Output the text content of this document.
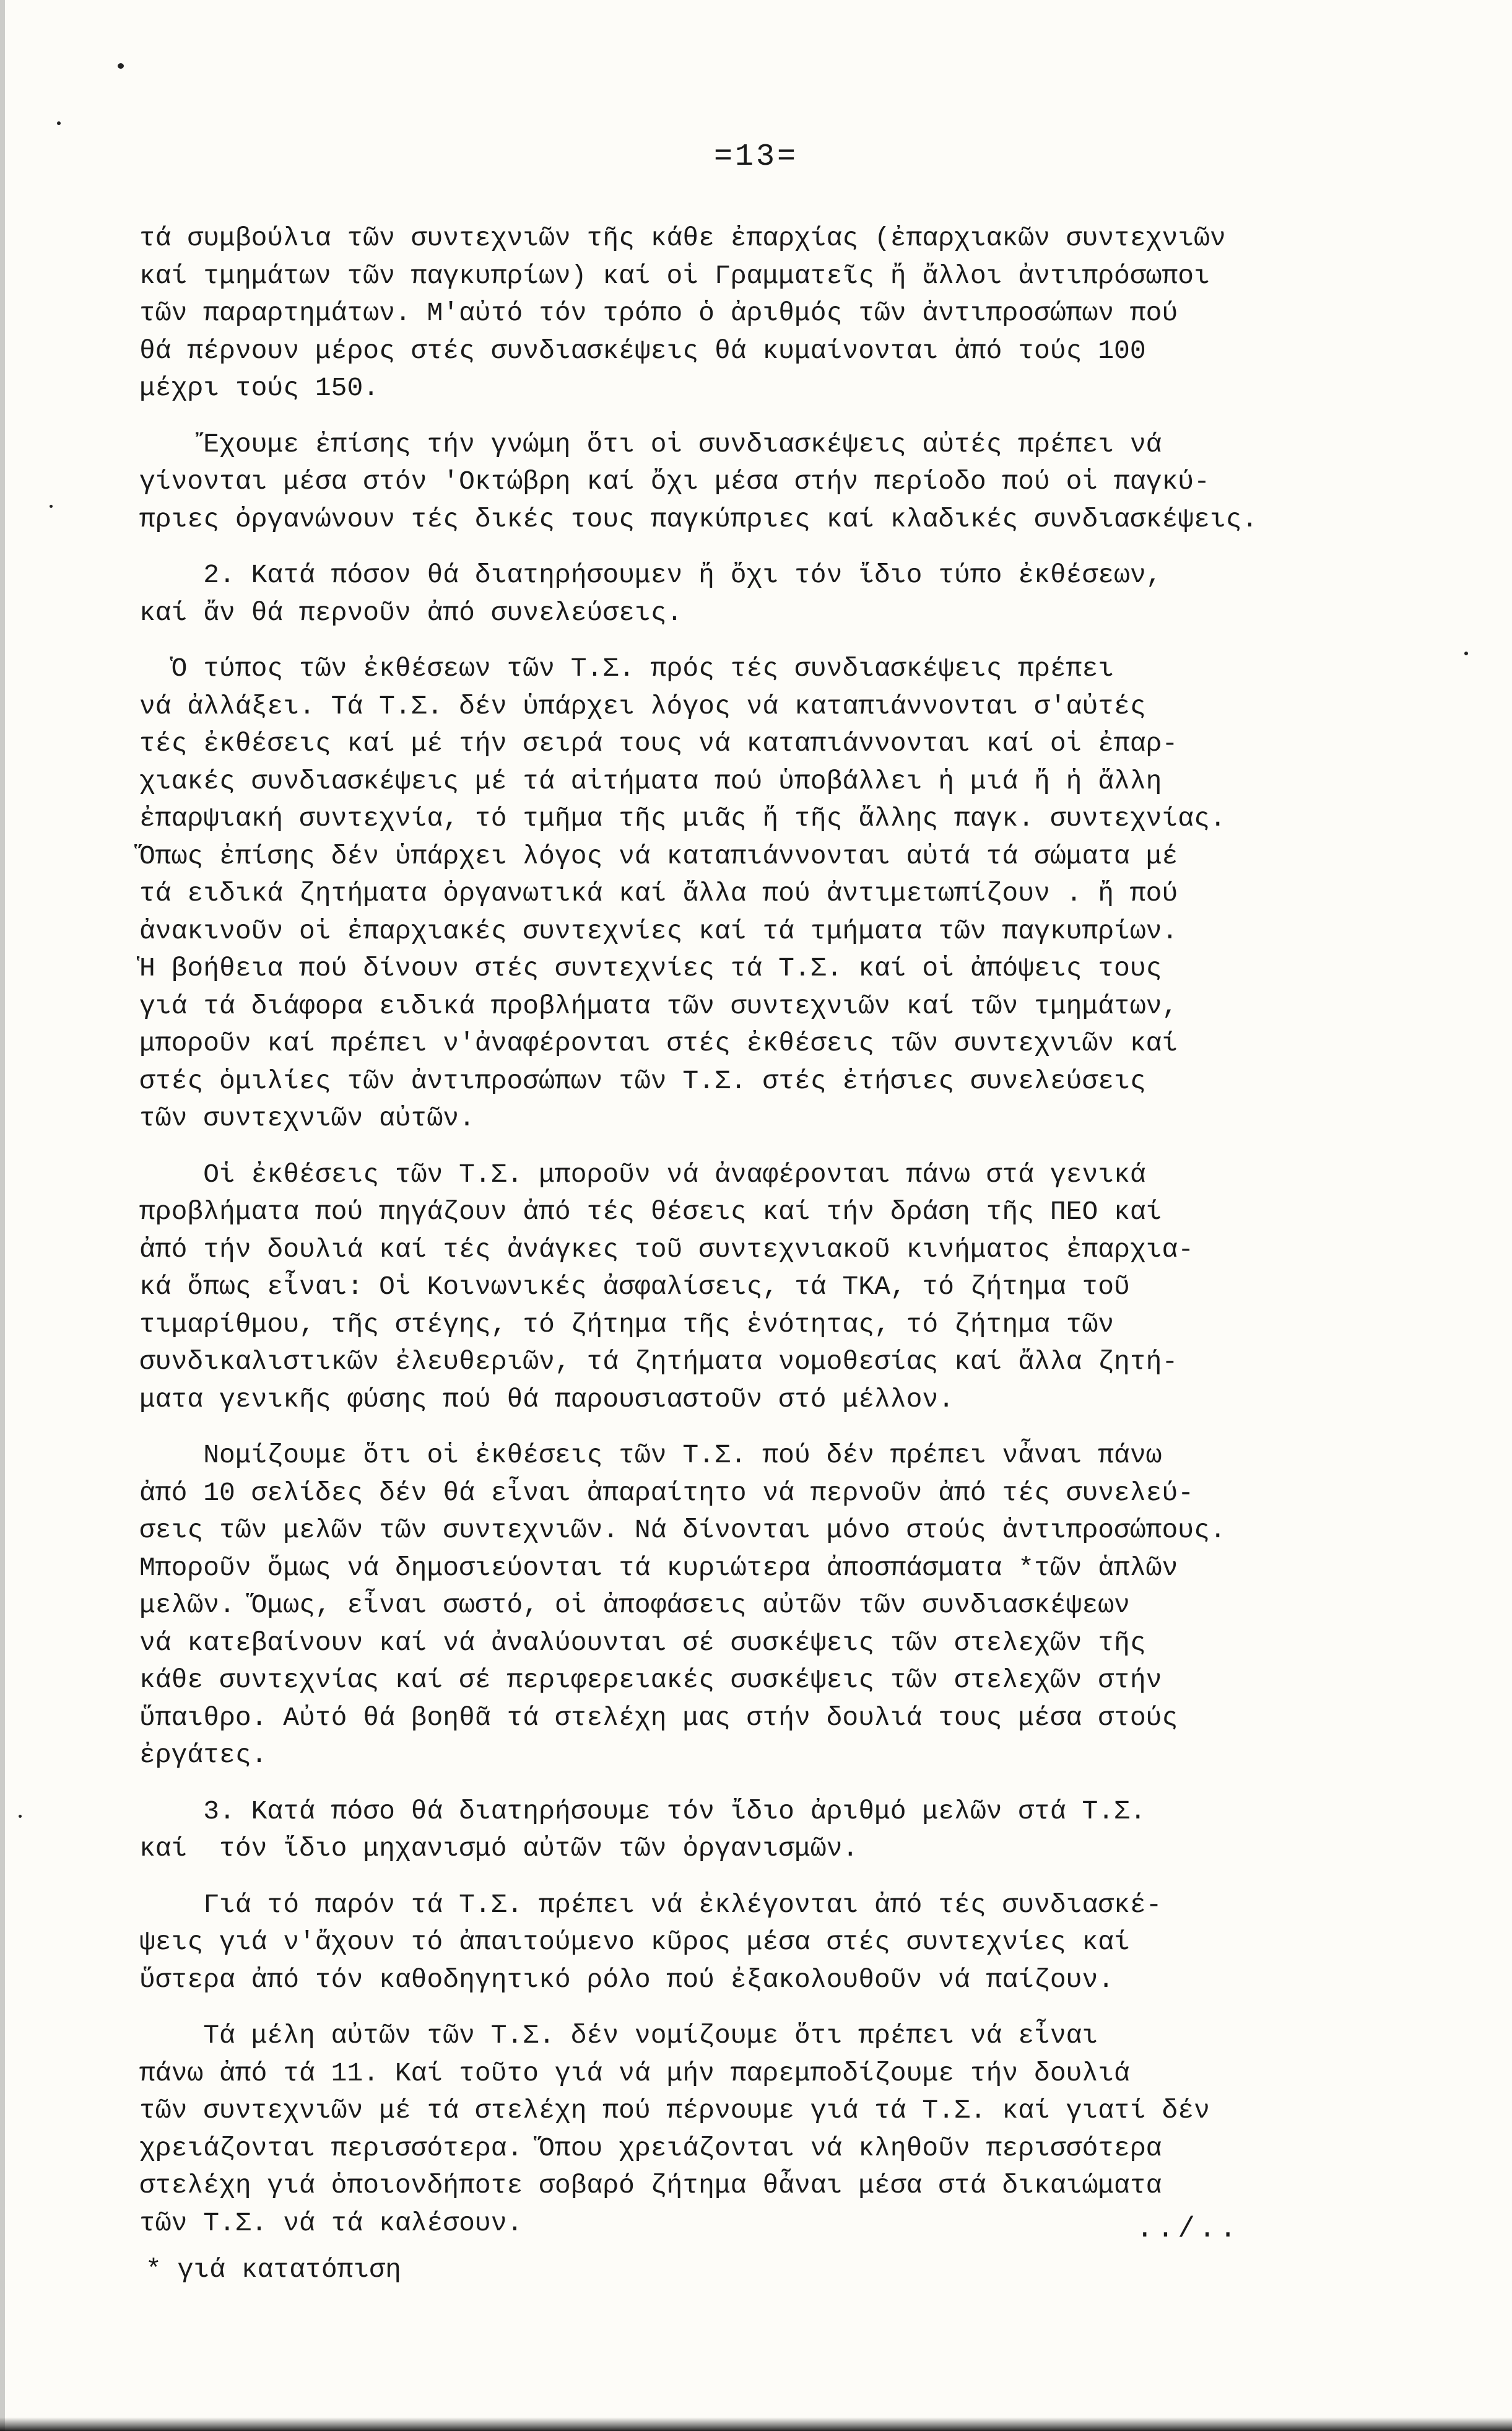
=13=
τά συμβούλια τῶν συντεχνιῶν τῆς κάθε ἐπαρχίας (ἐπαρχιακῶν συντεχνιῶν
καί τμημάτων τῶν παγκυπρίων) καί οἱ Γραμματεῖς ἤ ἄλλοι ἀντιπρόσωποι
τῶν παραρτημάτων. Μ'αὐτό τόν τρόπο ὁ ἀριθμός τῶν ἀντιπροσώπων πού
θά πέρνουν μέρος στές συνδιασκέψεις θά κυμαίνονται ἀπό τούς 100
μέχρι τούς 150.
Ἔχουμε ἐπίσης τήν γνώμη ὅτι οἱ συνδιασκέψεις αὐτές πρέπει νά
γίνονται μέσα στόν 'Οκτώβρη καί ὄχι μέσα στήν περίοδο πού οἱ παγκύ-
πριες ὀργανώνουν τές δικές τους παγκύπριες καί κλαδικές συνδιασκέψεις.
2. Κατά πόσον θά διατηρήσουμεν ἤ ὄχι τόν ἴδιο τύπο ἐκθέσεων,
καί ἄν θά περνοῦν ἀπό συνελεύσεις.
Ὁ τύπος τῶν ἐκθέσεων τῶν Τ.Σ. πρός τές συνδιασκέψεις πρέπει
νά ἀλλάξει. Τά Τ.Σ. δέν ὑπάρχει λόγος νά καταπιάννονται σ'αὐτές
τές ἐκθέσεις καί μέ τήν σειρά τους νά καταπιάννονται καί οἱ ἐπαρ-
χιακές συνδιασκέψεις μέ τά αἰτήματα πού ὑποβάλλει ἡ μιά ἤ ἡ ἄλλη
ἐπαρψιακή συντεχνία, τό τμῆμα τῆς μιᾶς ἤ τῆς ἄλλης παγκ. συντεχνίας.
Ὅπως ἐπίσης δέν ὑπάρχει λόγος νά καταπιάννονται αὐτά τά σώματα μέ
τά ειδικά ζητήματα ὀργανωτικά καί ἄλλα πού ἀντιμετωπίζουν . ἤ πού
ἀνακινοῦν οἱ ἐπαρχιακές συντεχνίες καί τά τμήματα τῶν παγκυπρίων.
Ἡ βοήθεια πού δίνουν στές συντεχνίες τά Τ.Σ. καί οἱ ἀπόψεις τους
γιά τά διάφορα ειδικά προβλήματα τῶν συντεχνιῶν καί τῶν τμημάτων,
μποροῦν καί πρέπει ν'ἀναφέρονται στές ἐκθέσεις τῶν συντεχνιῶν καί
στές ὁμιλίες τῶν ἀντιπροσώπων τῶν Τ.Σ. στές ἐτήσιες συνελεύσεις
τῶν συντεχνιῶν αὐτῶν.
Οἱ ἐκθέσεις τῶν Τ.Σ. μποροῦν νά ἀναφέρονται πάνω στά γενικά
προβλήματα πού πηγάζουν ἀπό τές θέσεις καί τήν δράση τῆς ΠΕΟ καί
ἀπό τήν δουλιά καί τές ἀνάγκες τοῦ συντεχνιακοῦ κινήματος ἐπαρχια-
κά ὅπως εἶναι: Οἱ Κοινωνικές ἀσφαλίσεις, τά ΤΚΑ, τό ζήτημα τοῦ
τιμαρίθμου, τῆς στέγης, τό ζήτημα τῆς ἑνότητας, τό ζήτημα τῶν
συνδικαλιστικῶν ἐλευθεριῶν, τά ζητήματα νομοθεσίας καί ἄλλα ζητή-
ματα γενικῆς φύσης πού θά παρουσιαστοῦν στό μέλλον.
Νομίζουμε ὅτι οἱ ἐκθέσεις τῶν Τ.Σ. πού δέν πρέπει νἆναι πάνω
ἀπό 10 σελίδες δέν θά εἶναι ἀπαραίτητο νά περνοῦν ἀπό τές συνελεύ-
σεις τῶν μελῶν τῶν συντεχνιῶν. Νά δίνονται μόνο στούς ἀντιπροσώπους.
Μποροῦν ὅμως νά δημοσιεύονται τά κυριώτερα ἀποσπάσματα *τῶν ἁπλῶν
μελῶν. Ὅμως, εἶναι σωστό, οἱ ἀποφάσεις αὐτῶν τῶν συνδιασκέψεων
νά κατεβαίνουν καί νά ἀναλύουνται σέ συσκέψεις τῶν στελεχῶν τῆς
κάθε συντεχνίας καί σέ περιφερειακές συσκέψεις τῶν στελεχῶν στήν
ὕπαιθρο. Αὐτό θά βοηθᾶ τά στελέχη μας στήν δουλιά τους μέσα στούς
ἐργάτες.
3. Κατά πόσο θά διατηρήσουμε τόν ἴδιο ἀριθμό μελῶν στά Τ.Σ.
καί  τόν ἴδιο μηχανισμό αὐτῶν τῶν ὀργανισμῶν.
Γιά τό παρόν τά Τ.Σ. πρέπει νά ἐκλέγονται ἀπό τές συνδιασκέ-
ψεις γιά ν'ἄχουν τό ἀπαιτούμενο κῦρος μέσα στές συντεχνίες καί
ὕστερα ἀπό τόν καθοδηγητικό ρόλο πού ἐξακολουθοῦν νά παίζουν.
Τά μέλη αὐτῶν τῶν Τ.Σ. δέν νομίζουμε ὅτι πρέπει νά εἶναι
πάνω ἀπό τά 11. Καί τοῦτο γιά νά μήν παρεμποδίζουμε τήν δουλιά
τῶν συντεχνιῶν μέ τά στελέχη πού πέρνουμε γιά τά Τ.Σ. καί γιατί δέν
χρειάζονται περισσότερα. Ὅπου χρειάζονται νά κληθοῦν περισσότερα
στελέχη γιά ὁποιονδήποτε σοβαρό ζήτημα θἆναι μέσα στά δικαιώματα
τῶν Τ.Σ. νά τά καλέσουν.	../..
* γιά κατατόπιση
